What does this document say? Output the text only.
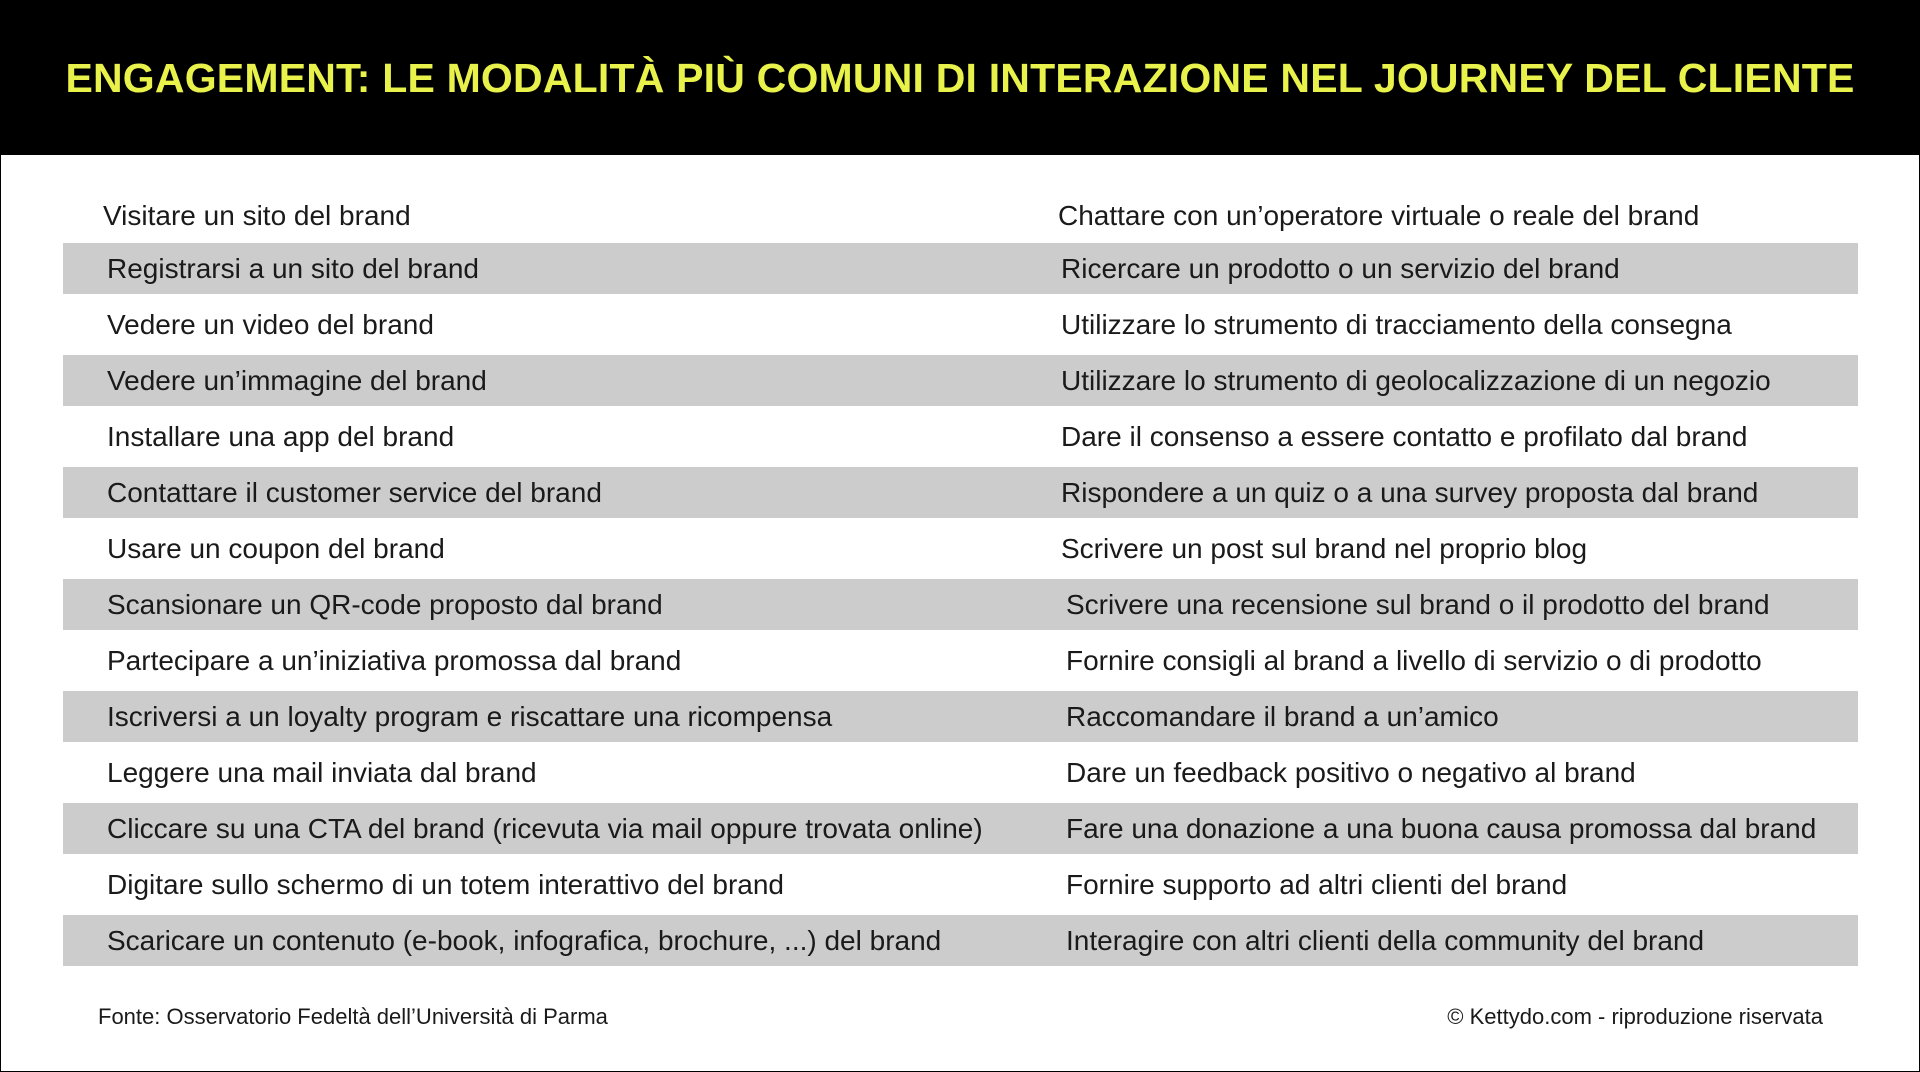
ENGAGEMENT: LE MODALITÀ PIÙ COMUNI DI INTERAZIONE NEL JOURNEY DEL CLIENTE
Visitare un sito del brand	Chattare con un’operatore virtuale o reale del brand
Registrarsi a un sito del brand	Ricercare un prodotto o un servizio del brand
Vedere un video del brand	Utilizzare lo strumento di tracciamento della consegna
Vedere un’immagine del brand	Utilizzare lo strumento di geolocalizzazione di un negozio
Installare una app del brand	Dare il consenso a essere contatto e profilato dal brand
Contattare il customer service del brand	Rispondere a un quiz o a una survey proposta dal brand
Usare un coupon del brand	Scrivere un post sul brand nel proprio blog
Scansionare un QR-code proposto dal brand	Scrivere una recensione sul brand o il prodotto del brand
Partecipare a un’iniziativa promossa dal brand	Fornire consigli al brand a livello di servizio o di prodotto
Iscriversi a un loyalty program e riscattare una ricompensa	Raccomandare il brand a un’amico
Leggere una mail inviata dal brand	Dare un feedback positivo o negativo al brand
Cliccare su una CTA del brand (ricevuta via mail oppure trovata online)	Fare una donazione a una buona causa promossa dal brand
Digitare sullo schermo di un totem interattivo del brand	Fornire supporto ad altri clienti del brand
Scaricare un contenuto (e-book, infografica, brochure, ...) del brand	Interagire con altri clienti della community del brand
Fonte: Osservatorio Fedeltà dell’Università di Parma	© Kettydo.com - riproduzione riservata
